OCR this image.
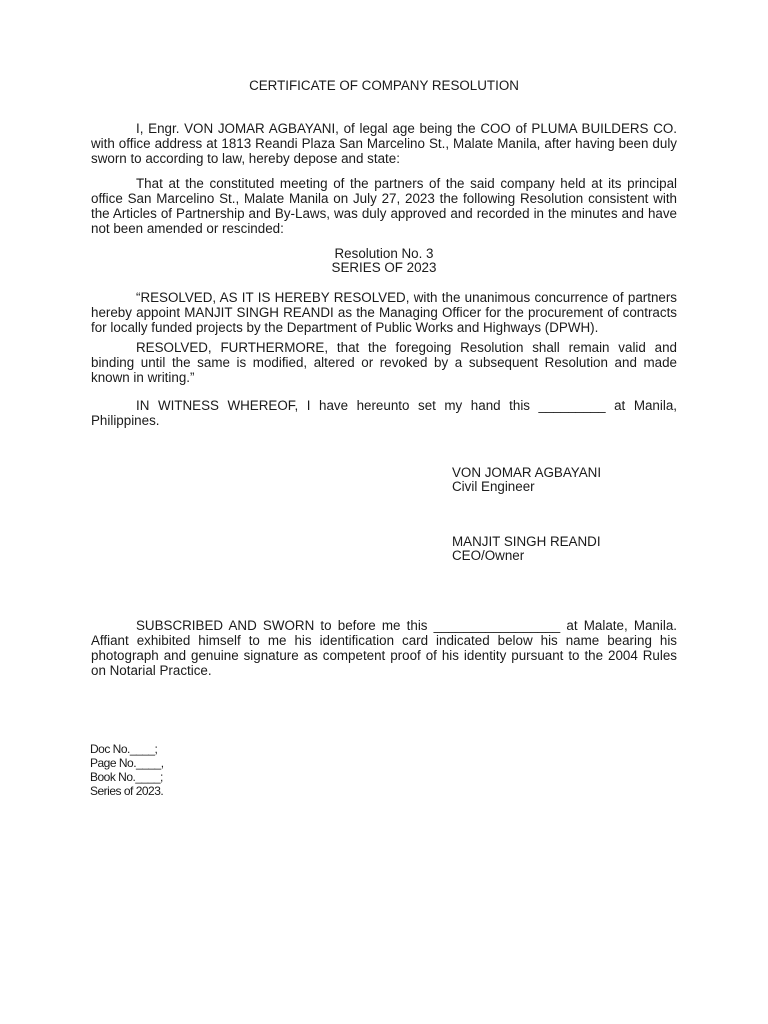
CERTIFICATE OF COMPANY RESOLUTION
I, Engr. VON JOMAR AGBAYANI, of legal age being the COO of PLUMA BUILDERS CO. with office address at 1813 Reandi Plaza San Marcelino St., Malate Manila, after having been duly sworn to according to law, hereby depose and state:
That at the constituted meeting of the partners of the said company held at its principal office San Marcelino St., Malate Manila on July 27, 2023 the following Resolution consistent with the Articles of Partnership and By-Laws, was duly approved and recorded in the minutes and have not been amended or rescinded:
Resolution No. 3
SERIES OF 2023
“RESOLVED, AS IT IS HEREBY RESOLVED, with the unanimous concurrence of partners hereby appoint MANJIT SINGH REANDI as the Managing Officer for the procurement of contracts for locally funded projects by the Department of Public Works and Highways (DPWH).
RESOLVED, FURTHERMORE, that the foregoing Resolution shall remain valid and binding until the same is modified, altered or revoked by a subsequent Resolution and made known in writing.”
IN WITNESS WHEREOF, I have hereunto set my hand this _________ at Manila, Philippines.
VON JOMAR AGBAYANI
Civil Engineer
MANJIT SINGH REANDI
CEO/Owner
SUBSCRIBED AND SWORN to before me this _________________ at Malate, Manila. Affiant exhibited himself to me his identification card indicated below his name bearing his photograph and genuine signature as competent proof of his identity pursuant to the 2004 Rules on Notarial Practice.
Doc No.____;
Page No.____,
Book No.____;
Series of 2023.
